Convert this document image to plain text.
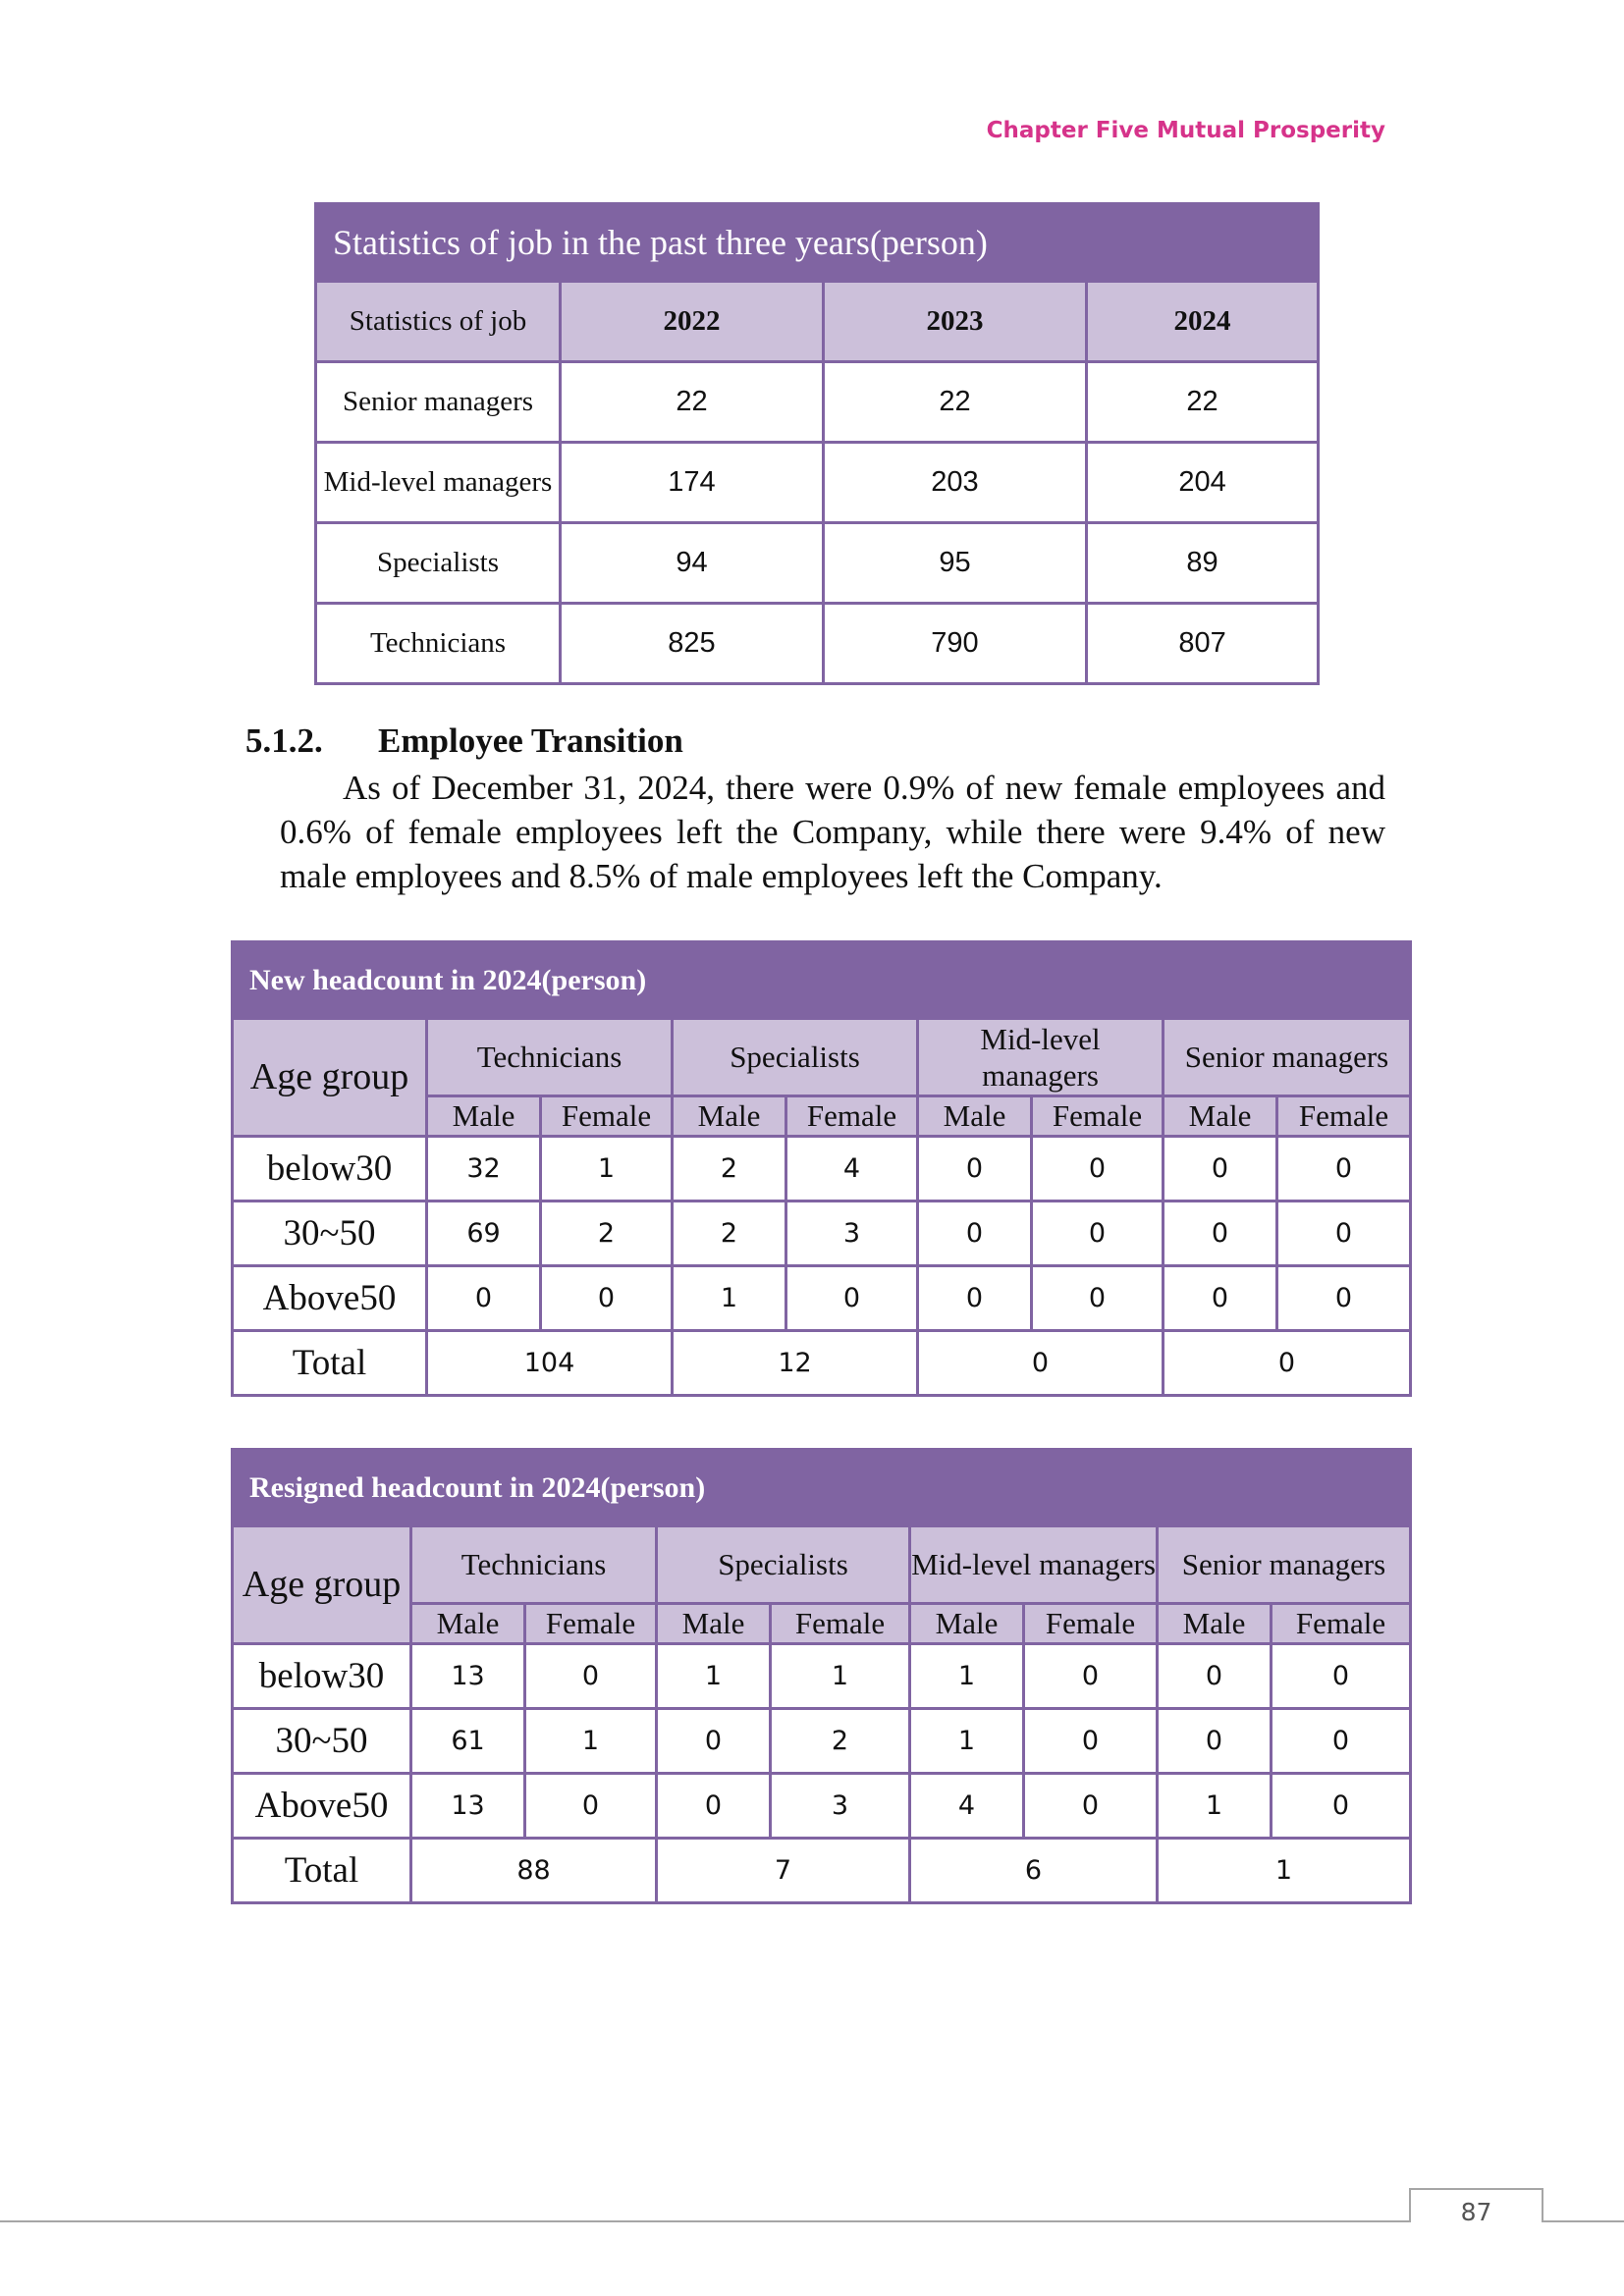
Chapter Five Mutual Prosperity
Statistics of job in the past three years(person)			
Statistics of job	2022	2023	2024
Senior managers	22	22	22
Mid-level managers	174	203	204
Specialists	94	95	89
Technicians	825	790	807
5.1.2. Employee Transition
As of December 31, 2024, there were 0.9% of new female employees and 0.6% of female employees left the Company, while there were 9.4% of new male employees and 8.5% of male employees left the Company.
New headcount in 2024(person)								
Age group	Technicians		Specialists		Mid-level managers		Senior managers	
	Male	Female	Male	Female	Male	Female	Male	Female
below30	32	1	2	4	0	0	0	0
30~50	69	2	2	3	0	0	0	0
Above50	0	0	1	0	0	0	0	0
Total	104		12		0		0	
Resigned headcount in 2024(person)								
Age group	Technicians		Specialists		Mid-level managers		Senior managers	
	Male	Female	Male	Female	Male	Female	Male	Female
below30	13	0	1	1	1	0	0	0
30~50	61	1	0	2	1	0	0	0
Above50	13	0	0	3	4	0	1	0
Total	88		7		6		1	
87
